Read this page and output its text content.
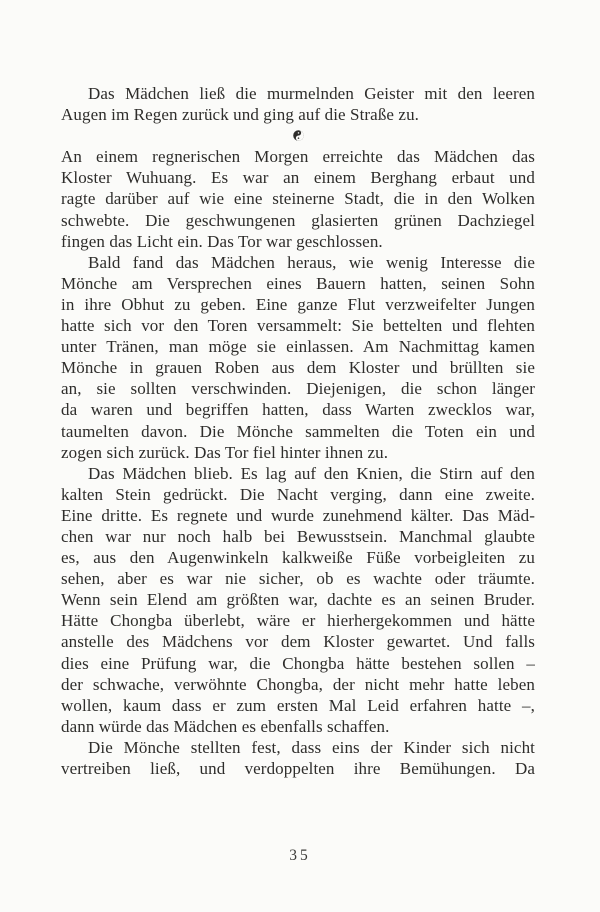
Das Mädchen ließ die murmelnden Geister mit den leeren
Augen im Regen zurück und ging auf die Straße zu.

An einem regnerischen Morgen erreichte das Mädchen das
Kloster Wuhuang. Es war an einem Berghang erbaut und
ragte darüber auf wie eine steinerne Stadt, die in den Wolken
schwebte. Die geschwungenen glasierten grünen Dachziegel
fingen das Licht ein. Das Tor war geschlossen.

Bald fand das Mädchen heraus, wie wenig Interesse die
Mönche am Versprechen eines Bauern hatten, seinen Sohn
in ihre Obhut zu geben. Eine ganze Flut verzweifelter Jungen
hatte sich vor den Toren versammelt: Sie bettelten und flehten
unter Tränen, man möge sie einlassen. Am Nachmittag kamen
Mönche in grauen Roben aus dem Kloster und brüllten sie
an, sie sollten verschwinden. Diejenigen, die schon länger
da waren und begriffen hatten, dass Warten zwecklos war,
taumelten davon. Die Mönche sammelten die Toten ein und
zogen sich zurück. Das Tor fiel hinter ihnen zu.

Das Mädchen blieb. Es lag auf den Knien, die Stirn auf den
kalten Stein gedrückt. Die Nacht verging, dann eine zweite.
Eine dritte. Es regnete und wurde zunehmend kälter. Das Mäd-
chen war nur noch halb bei Bewusstsein. Manchmal glaubte
es, aus den Augenwinkeln kalkweiße Füße vorbeigleiten zu
sehen, aber es war nie sicher, ob es wachte oder träumte.
Wenn sein Elend am größten war, dachte es an seinen Bruder.
Hätte Chongba überlebt, wäre er hierhergekommen und hätte
anstelle des Mädchens vor dem Kloster gewartet. Und falls
dies eine Prüfung war, die Chongba hätte bestehen sollen –
der schwache, verwöhnte Chongba, der nicht mehr hatte leben
wollen, kaum dass er zum ersten Mal Leid erfahren hatte –,
dann würde das Mädchen es ebenfalls schaffen.

Die Mönche stellten fest, dass eins der Kinder sich nicht
vertreiben ließ, und verdoppelten ihre Bemühungen. Da

35
